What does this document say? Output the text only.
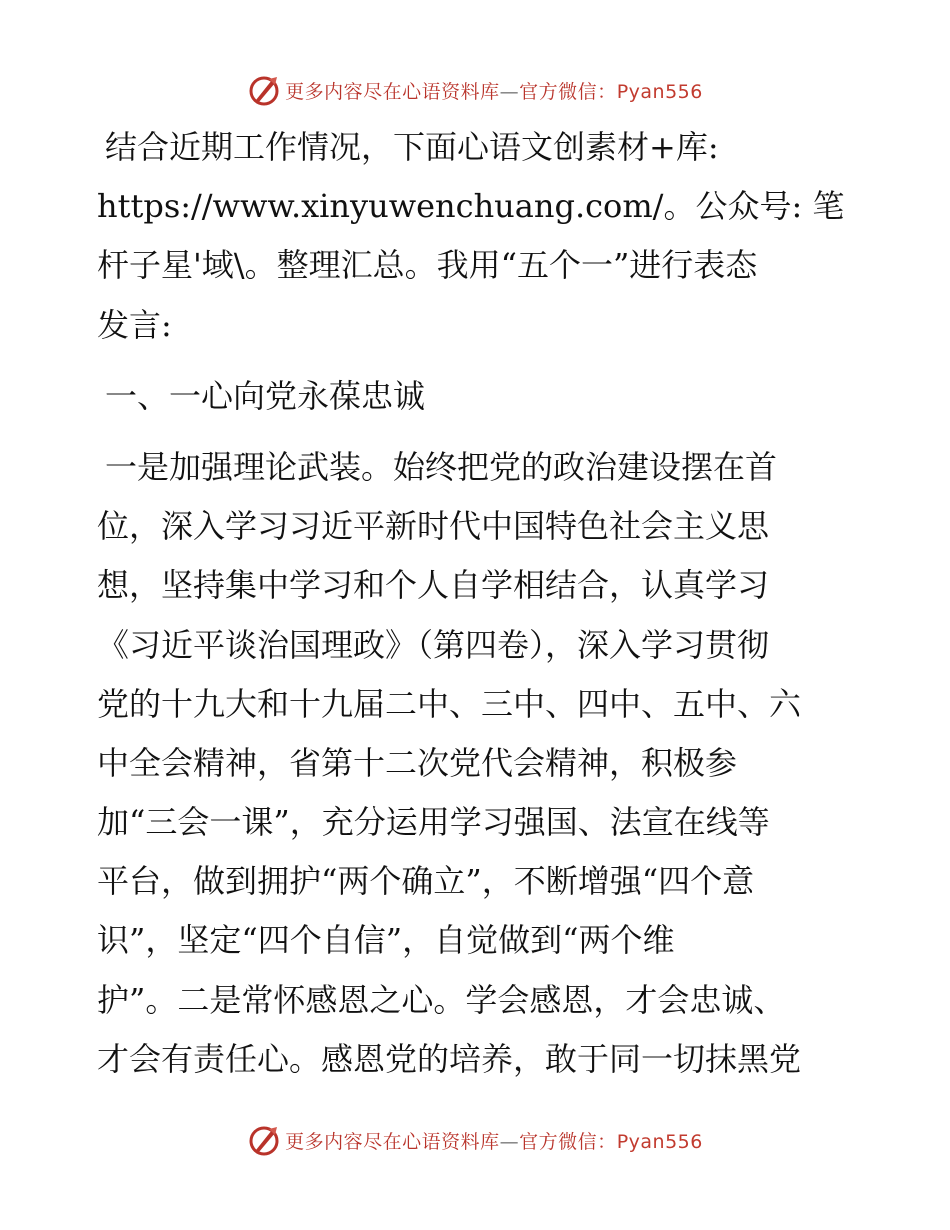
更多内容尽在心语资料库—官方微信：Pyan556
结合近期工作情况，下面心语文创素材+库:
https://www.xinyuwenchuang.com/。公众号: 笔
杆子星'域\。整理汇总。我用“五个一”进行表态
发言:
一、一心向党永葆忠诚
一是加强理论武装。始终把党的政治建设摆在首
位，深入学习习近平新时代中国特色社会主义思
想，坚持集中学习和个人自学相结合，认真学习
《习近平谈治国理政》（第四卷），深入学习贯彻
党的十九大和十九届二中、三中、四中、五中、六
中全会精神，省第十二次党代会精神，积极参
加“三会一课”，充分运用学习强国、法宣在线等
平台，做到拥护“两个确立”，不断增强“四个意
识”，坚定“四个自信”，自觉做到“两个维
护”。二是常怀感恩之心。学会感恩，才会忠诚、
才会有责任心。感恩党的培养，敢于同一切抹黑党
更多内容尽在心语资料库—官方微信：Pyan556
